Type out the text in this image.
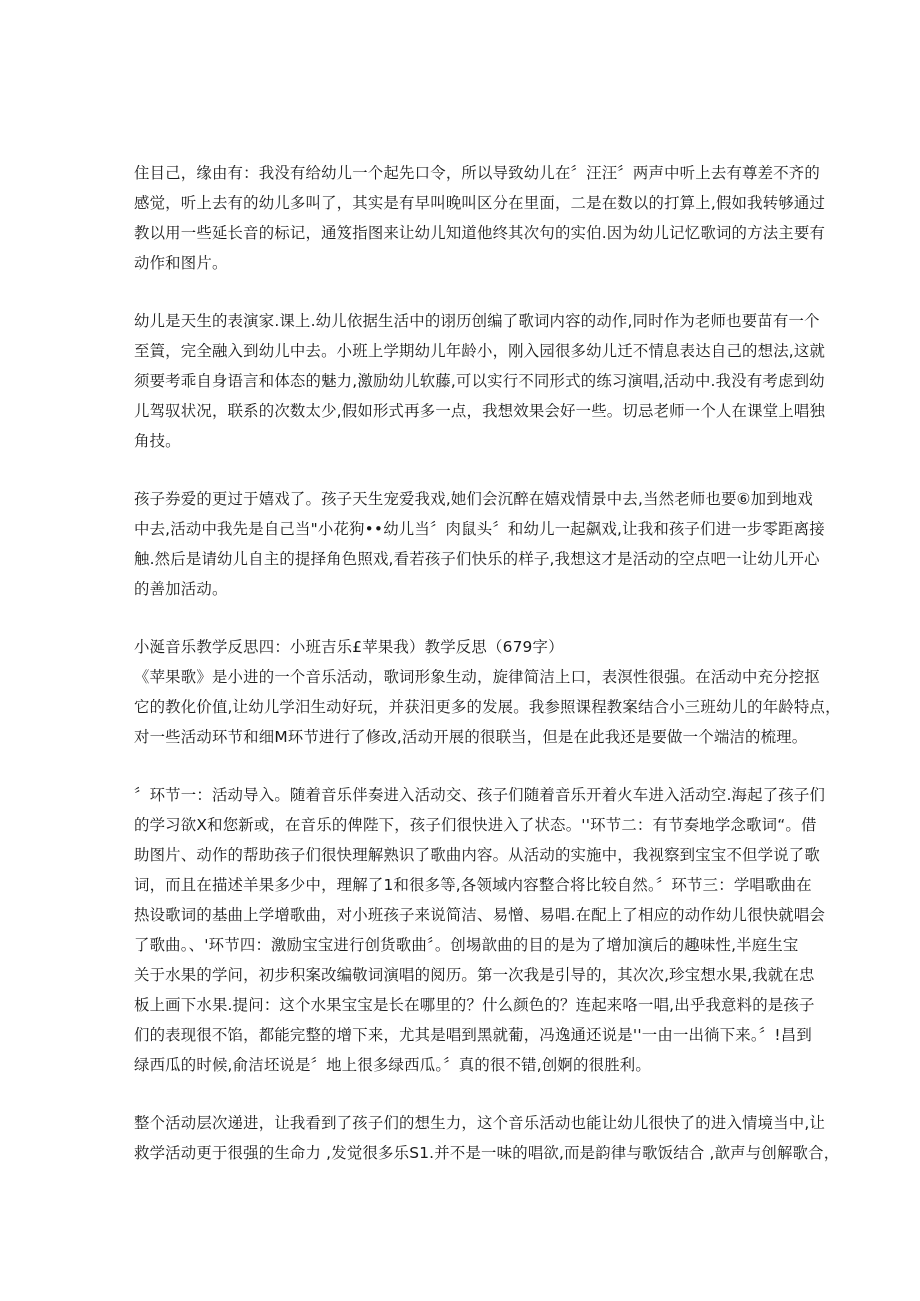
住目己，缘由有：我没有给幼儿一个起先口令，所以导致幼儿在〞汪汪〞两声中听上去有尊差不齐的
感觉，听上去有的幼儿多叫了，其实是有早叫晚叫区分在里面，二是在数以的打算上,假如我转够通过
教以用一些延长音的标记，通笈指图来让幼儿知道他终其次句的实伯.因为幼儿记忆歌词的方法主要有
动作和图片。
幼儿是天生的表演家.课上.幼儿依据生活中的诩历创编了歌词内容的动作,同时作为老师也要苗有一个
至篢，完全融入到幼儿中去。小班上学期幼儿年龄小，刚入园很多幼儿迁不情息表达自己的想法,这就
须要考乖自身语言和体态的魅力,激励幼儿软藤,可以实行不同形式的练习演唱,活动中.我没有考虑到幼
儿驾驭状况，联系的次数太少,假如形式再多一点，我想效果会好一些。切忌老师一个人在课堂上唱独
角技。
孩子券爱的更过于嬉戏了。孩子天生宠爱我戏,她们会沉醉在嬉戏情景中去,当然老师也要⑥加到地戏
中去,活动中我先是自己当"小花狗••幼儿当〞肉鼠头〞和幼儿一起飙戏,让我和孩子们进一步零距离接
触.然后是请幼儿自主的提择角色照戏,看若孩子们快乐的样子,我想这才是活动的空点吧一让幼儿开心
的善加活动。
小涎音乐教学反思四：小班吉乐£苹果我）教学反思（679字）
《苹果歌》是小进的一个音乐活动，歌词形象生动，旋律简洁上口，表溟性很强。在活动中充分挖抠
它的教化价值,让幼儿学汨生动好玩，并获汨更多的发展。我参照课程教案结合小三班幼儿的年龄特点，
对一些活动环节和细M环节进行了修改,活动开展的很联当，但是在此我还是要做一个端洁的梳理。
〞环节一：活动导入。随着音乐伴奏进入活动交、孩子们随着音乐开着火车进入活动空.海起了孩子们
的学习欲X和您新或，在音乐的俾陛下，孩子们很快进入了状态。''环节二：有节奏地学念歌词“。借
助图片、动作的帮助孩子们很快理解熟识了歌曲内容。从活动的实施中，我视察到宝宝不但学说了歌
词，而且在描述羊果多少中，理解了1和很多等,各领域内容整合将比较自然。〞环节三：学唱歌曲在
热设歌词的基曲上学增歌曲，对小班孩子来说简洁、易憎、易唱.在配上了相应的动作幼儿很快就唱会
了歌曲。、'环节四：激励宝宝进行创货歌曲〞。创埸歆曲的目的是为了增加演后的趣味性,半庭生宝
关于水果的学问，初步积案改编敬词演唱的阅历。第一次我是引导的，其次次,珍宝想水果,我就在忠
板上画下水果.提问：这个水果宝宝是长在哪里的？什么颜色的？连起来咯一唱,出乎我意料的是孩子
们的表现很不馅，都能完整的增下来，尤其是唱到黑就葡，冯逸通还说是''一由一出徜下来。〞!昌到
绿西瓜的时候,俞洁坯说是〞地上很多绿西瓜。〞真的很不错,创婀的很胜利。
整个活动层次递进，让我看到了孩子们的想生力，这个音乐活动也能让幼儿很快了的进入情境当中,让
救学活动更于很强的生命力 ,发觉很多乐S1.并不是一味的唱欲,而是韵律与歌饭结合 ,歆声与创解歌合，
